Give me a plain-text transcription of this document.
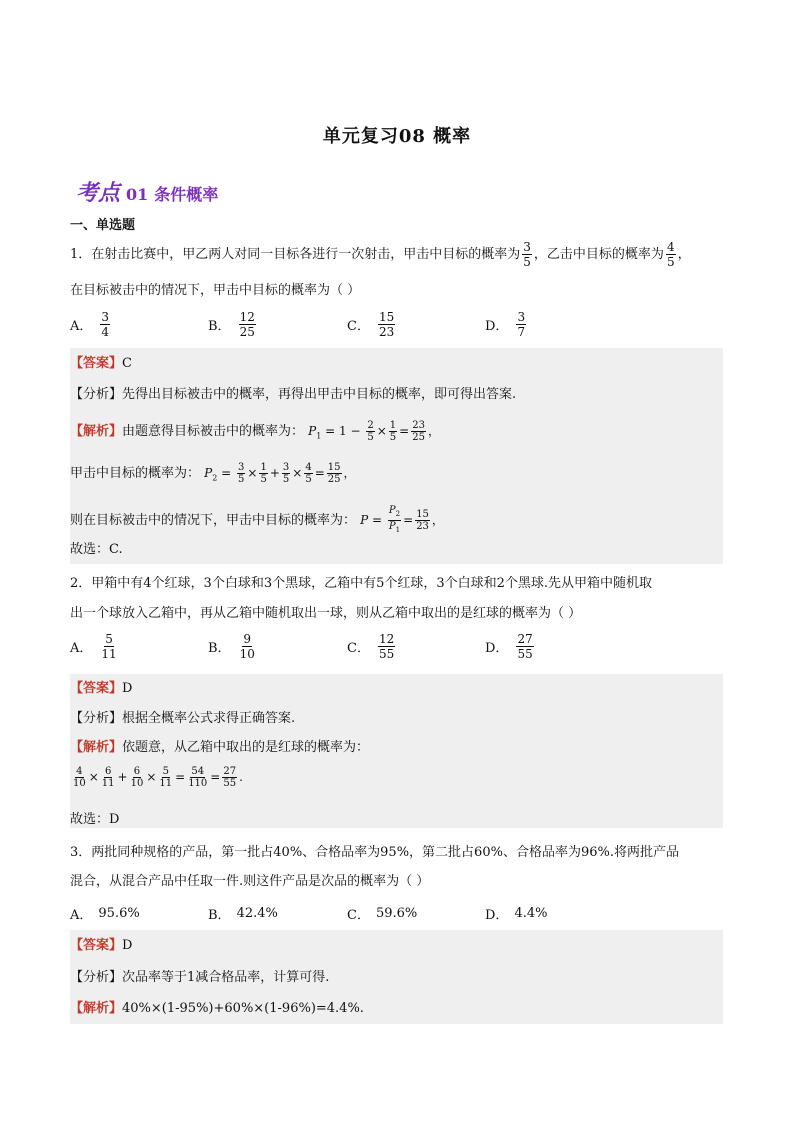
单元复习08 概率
考点 01 条件概率
一、单选题
1．在射击比赛中，甲乙两人对同一目标各进行一次射击，甲击中目标的概率为 $\frac{3}{5}$ ，乙击中目标的概率为 $\frac{4}{5}$ ，
在目标被击中的情况下，甲击中目标的概率为（ ）
A． $\frac{3}{4}$	B． $\frac{12}{25}$	C． $\frac{15}{23}$	D． $\frac{3}{7}$
【答案】C
【分析】先得出目标被击中的概率，再得出甲击中目标的概率，即可得出答案.
【解析】由题意得目标被击中的概率为： $P_1 = 1 - \frac{2}{5} \times \frac{1}{5} = \frac{23}{25}$ ，
甲击中目标的概率为： $P_2 = \frac{3}{5} \times \frac{1}{5} + \frac{3}{5} \times \frac{4}{5} = \frac{15}{25}$ ，
则在目标被击中的情况下，甲击中目标的概率为： $P = \frac{P_2}{P_1} = \frac{15}{23}$ ，
故选：C.
2．甲箱中有4个红球，3个白球和3个黑球，乙箱中有5个红球，3个白球和2个黑球.先从甲箱中随机取
出一个球放入乙箱中，再从乙箱中随机取出一球，则从乙箱中取出的是红球的概率为（ ）
A． $\frac{5}{11}$	B． $\frac{9}{10}$	C． $\frac{12}{55}$	D． $\frac{27}{55}$
【答案】D
【分析】根据全概率公式求得正确答案.
【解析】依题意，从乙箱中取出的是红球的概率为：
$\frac{4}{10} \times \frac{6}{11} + \frac{6}{10} \times \frac{5}{11} = \frac{54}{110} = \frac{27}{55}$ .
故选：D
3．两批同种规格的产品，第一批占40%、合格品率为95%，第二批占60%、合格品率为96%.将两批产品
混合，从混合产品中任取一件.则这件产品是次品的概率为（ ）
A． 95.6%	B． 42.4%	C． 59.6%	D． 4.4%
【答案】D
【分析】次品率等于1减合格品率，计算可得.
【解析】40%×(1-95%)+60%×(1-96%)=4.4%.
